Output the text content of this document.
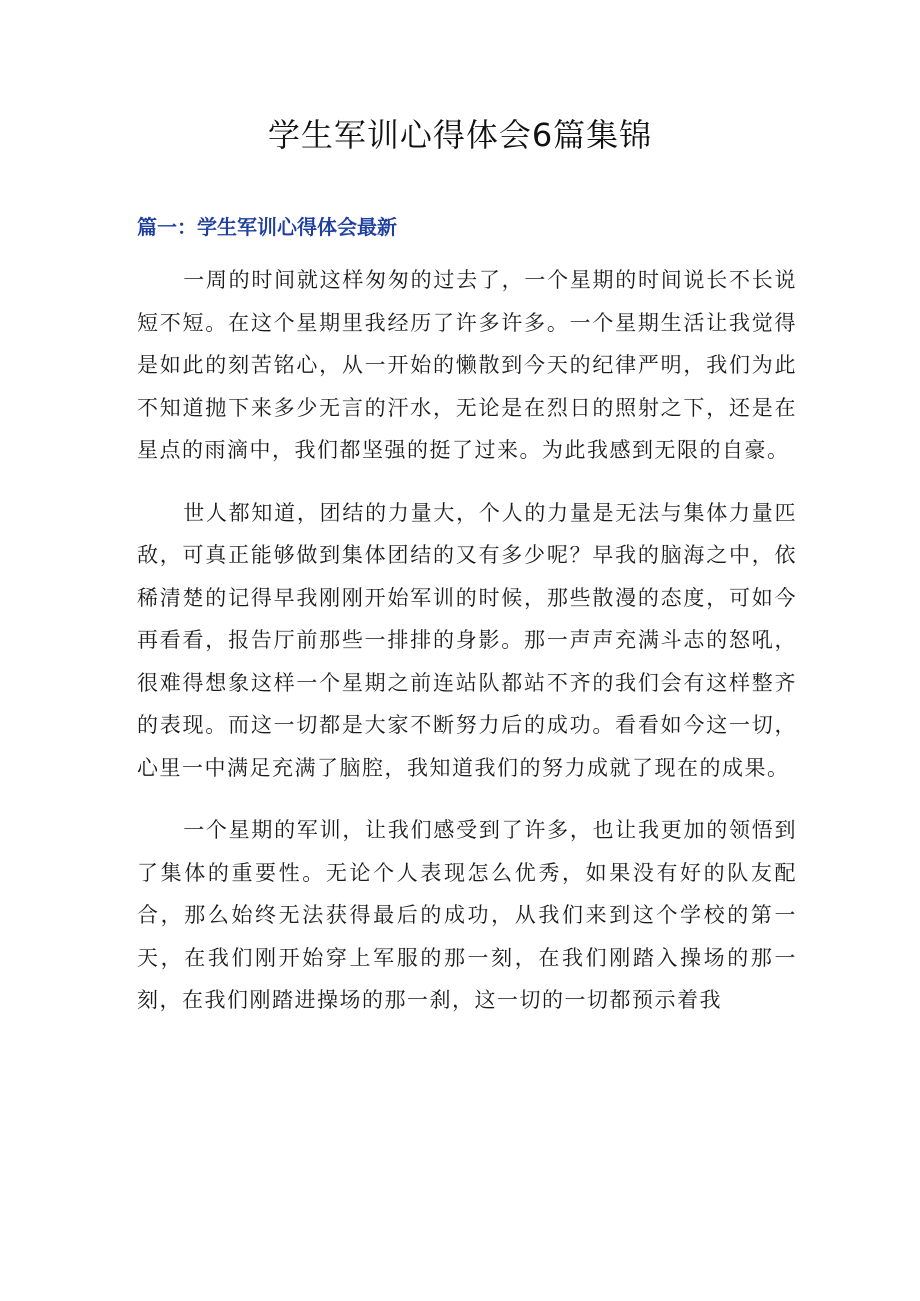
学生军训心得体会6篇集锦
篇一：学生军训心得体会最新

一周的时间就这样匆匆的过去了，一个星期的时间说长不长说短不短。在这个星期里我经历了许多许多。一个星期生活让我觉得是如此的刻苦铭心，从一开始的懒散到今天的纪律严明，我们为此不知道抛下来多少无言的汗水，无论是在烈日的照射之下，还是在星点的雨滴中，我们都坚强的挺了过来。为此我感到无限的自豪。

世人都知道，团结的力量大，个人的力量是无法与集体力量匹敌，可真正能够做到集体团结的又有多少呢？早我的脑海之中，依稀清楚的记得早我刚刚开始军训的时候，那些散漫的态度，可如今再看看，报告厅前那些一排排的身影。那一声声充满斗志的怒吼，很难得想象这样一个星期之前连站队都站不齐的我们会有这样整齐的表现。而这一切都是大家不断努力后的成功。看看如今这一切，心里一中满足充满了脑腔，我知道我们的努力成就了现在的成果。

一个星期的军训，让我们感受到了许多，也让我更加的领悟到了集体的重要性。无论个人表现怎么优秀，如果没有好的队友配合，那么始终无法获得最后的成功，从我们来到这个学校的第一天，在我们刚开始穿上军服的那一刻，在我们刚踏入操场的那一刻，在我们刚踏进操场的那一刹，这一切的一切都预示着我
